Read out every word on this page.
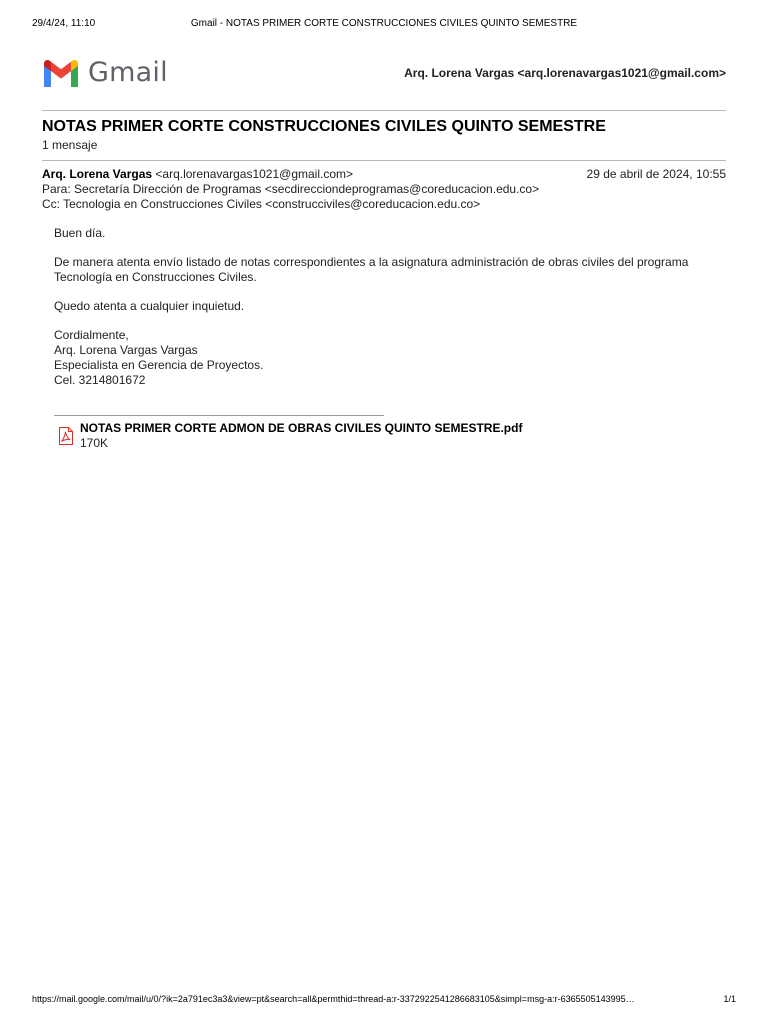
29/4/24, 11:10	Gmail - NOTAS PRIMER CORTE CONSTRUCCIONES CIVILES QUINTO SEMESTRE
Gmail	Arq. Lorena Vargas <arq.lorenavargas1021@gmail.com>
NOTAS PRIMER CORTE CONSTRUCCIONES CIVILES QUINTO SEMESTRE
1 mensaje
Arq. Lorena Vargas <arq.lorenavargas1021@gmail.com>	29 de abril de 2024, 10:55
Para: Secretaría Dirección de Programas <secdirecciondeprogramas@coreducacion.edu.co>
Cc: Tecnologia en Construcciones Civiles <construcciviles@coreducacion.edu.co>

Buen día.

De manera atenta envío listado de notas correspondientes a la asignatura administración de obras civiles del programa Tecnología en Construcciones Civiles.

Quedo atenta a cualquier inquietud.

Cordialmente,
Arq. Lorena Vargas Vargas
Especialista en Gerencia de Proyectos.
Cel. 3214801672
NOTAS PRIMER CORTE ADMON DE OBRAS CIVILES QUINTO SEMESTRE.pdf
170K
https://mail.google.com/mail/u/0/?ik=2a791ec3a3&view=pt&search=all&permthid=thread-a:r-3372922541286683105&simpl=msg-a:r-6365505143995…	1/1
